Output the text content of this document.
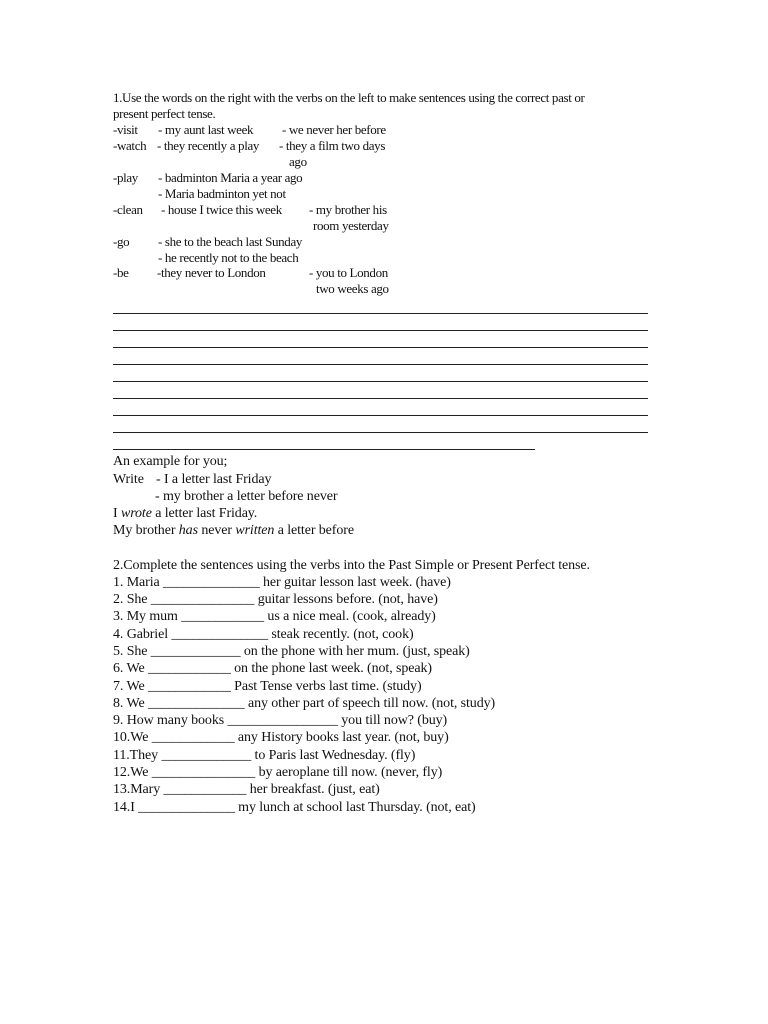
1.Use the words on the right with the verbs on the left to make sentences using the correct past or
present perfect tense.
-visit - my aunt last week - we never her before
-watch - they recently a play - they a film two days
ago
-play - badminton Maria a year ago
- Maria badminton yet not
-clean - house I twice this week - my brother his
room yesterday
-go - she to the beach last Sunday
- he recently not to the beach
-be -they never to London	- you to London
two weeks ago
An example for you;
Write - I a letter last Friday
- my brother a letter before never
I wrote a letter last Friday.
My brother has never written a letter before
2.Complete the sentences using the verbs into the Past Simple or Present Perfect tense.
1. Maria ______________ her guitar lesson last week. (have)
2. She _______________ guitar lessons before. (not, have)
3. My mum ____________ us a nice meal. (cook, already)
4. Gabriel ______________ steak recently. (not, cook)
5. She _____________ on the phone with her mum. (just, speak)
6. We ____________ on the phone last week. (not, speak)
7. We ____________ Past Tense verbs last time. (study)
8. We ______________ any other part of speech till now. (not, study)
9. How many books ________________ you till now? (buy)
10.We ____________ any History books last year. (not, buy)
11.They _____________ to Paris last Wednesday. (fly)
12.We _______________ by aeroplane till now. (never, fly)
13.Mary ____________ her breakfast. (just, eat)
14.I ______________ my lunch at school last Thursday. (not, eat)
